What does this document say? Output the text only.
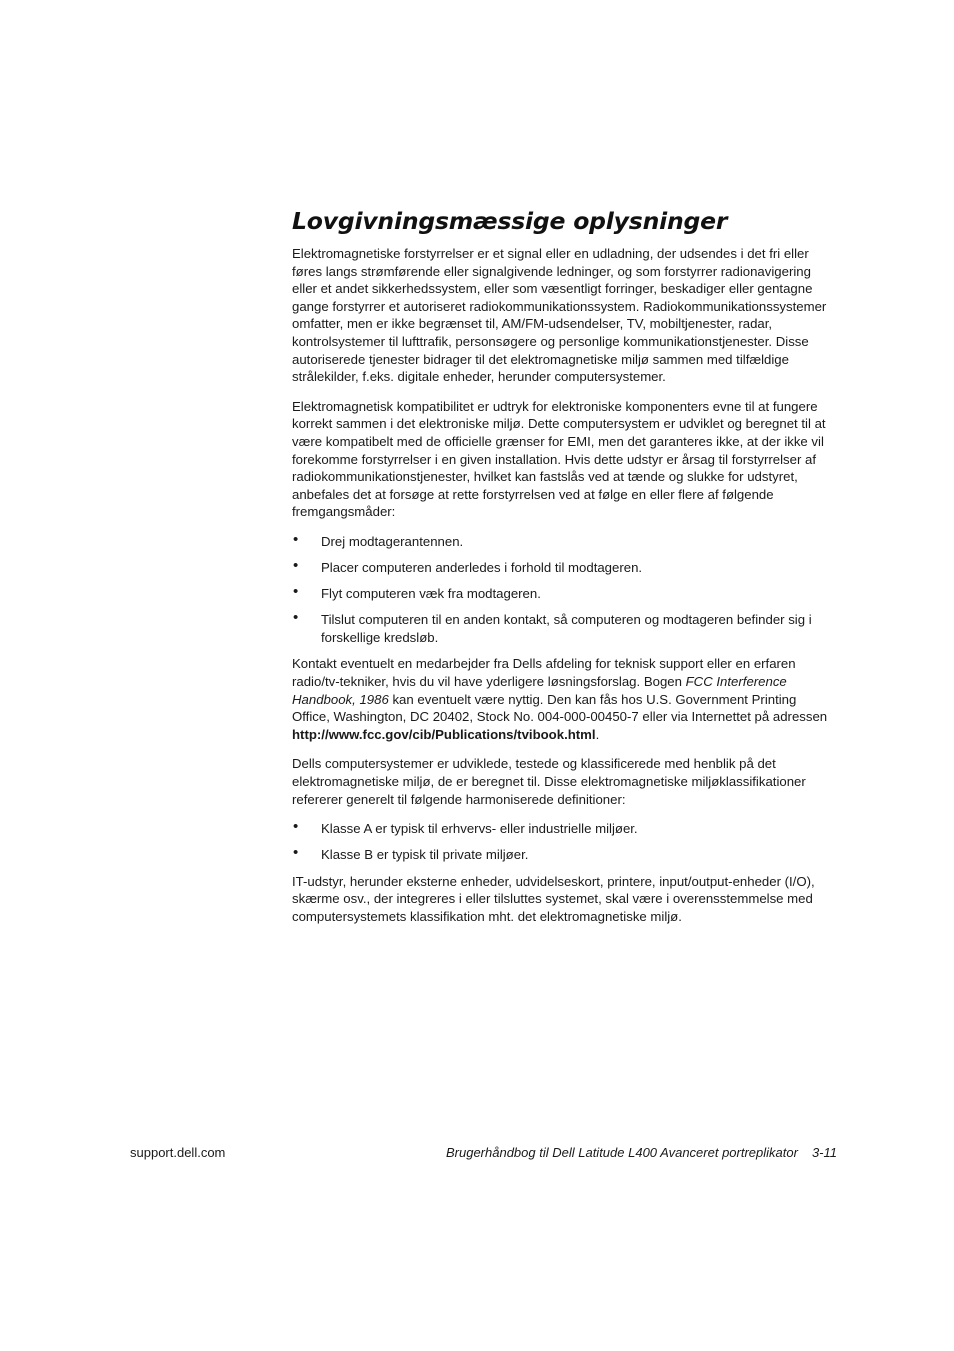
Lovgivningsmæssige oplysninger

Elektromagnetiske forstyrrelser er et signal eller en udladning, der udsendes i det fri eller føres langs strømførende eller signalgivende ledninger, og som forstyrrer radionavigering eller et andet sikkerhedssystem, eller som væsentligt forringer, beskadiger eller gentagne gange forstyrrer et autoriseret radiokommunikationssystem. Radiokommunikationssystemer omfatter, men er ikke begrænset til, AM/FM-udsendelser, TV, mobiltjenester, radar, kontrolsystemer til lufttrafik, personsøgere og personlige kommunikationstjenester. Disse autoriserede tjenester bidrager til det elektromagnetiske miljø sammen med tilfældige strålekilder, f.eks. digitale enheder, herunder computersystemer.

Elektromagnetisk kompatibilitet er udtryk for elektroniske komponenters evne til at fungere korrekt sammen i det elektroniske miljø. Dette computersystem er udviklet og beregnet til at være kompatibelt med de officielle grænser for EMI, men det garanteres ikke, at der ikke vil forekomme forstyrrelser i en given installation. Hvis dette udstyr er årsag til forstyrrelser af radiokommunikationstjenester, hvilket kan fastslås ved at tænde og slukke for udstyret, anbefales det at forsøge at rette forstyrrelsen ved at følge en eller flere af følgende fremgangsmåder:

• Drej modtagerantennen.
• Placer computeren anderledes i forhold til modtageren.
• Flyt computeren væk fra modtageren.
• Tilslut computeren til en anden kontakt, så computeren og modtageren befinder sig i forskellige kredsløb.

Kontakt eventuelt en medarbejder fra Dells afdeling for teknisk support eller en erfaren radio/tv-tekniker, hvis du vil have yderligere løsningsforslag. Bogen FCC Interference Handbook, 1986 kan eventuelt være nyttig. Den kan fås hos U.S. Government Printing Office, Washington, DC 20402, Stock No. 004-000-00450-7 eller via Internettet på adressen http://www.fcc.gov/cib/Publications/tvibook.html.

Dells computersystemer er udviklede, testede og klassificerede med henblik på det elektromagnetiske miljø, de er beregnet til. Disse elektromagnetiske miljøklassifikationer refererer generelt til følgende harmoniserede definitioner:

• Klasse A er typisk til erhvervs- eller industrielle miljøer.
• Klasse B er typisk til private miljøer.

IT-udstyr, herunder eksterne enheder, udvidelseskort, printere, input/output-enheder (I/O), skærme osv., der integreres i eller tilsluttes systemet, skal være i overensstemmelse med computersystemets klassifikation mht. det elektromagnetiske miljø.

support.dell.com	Brugerhåndbog til Dell Latitude L400 Avanceret portreplikator 3-11
